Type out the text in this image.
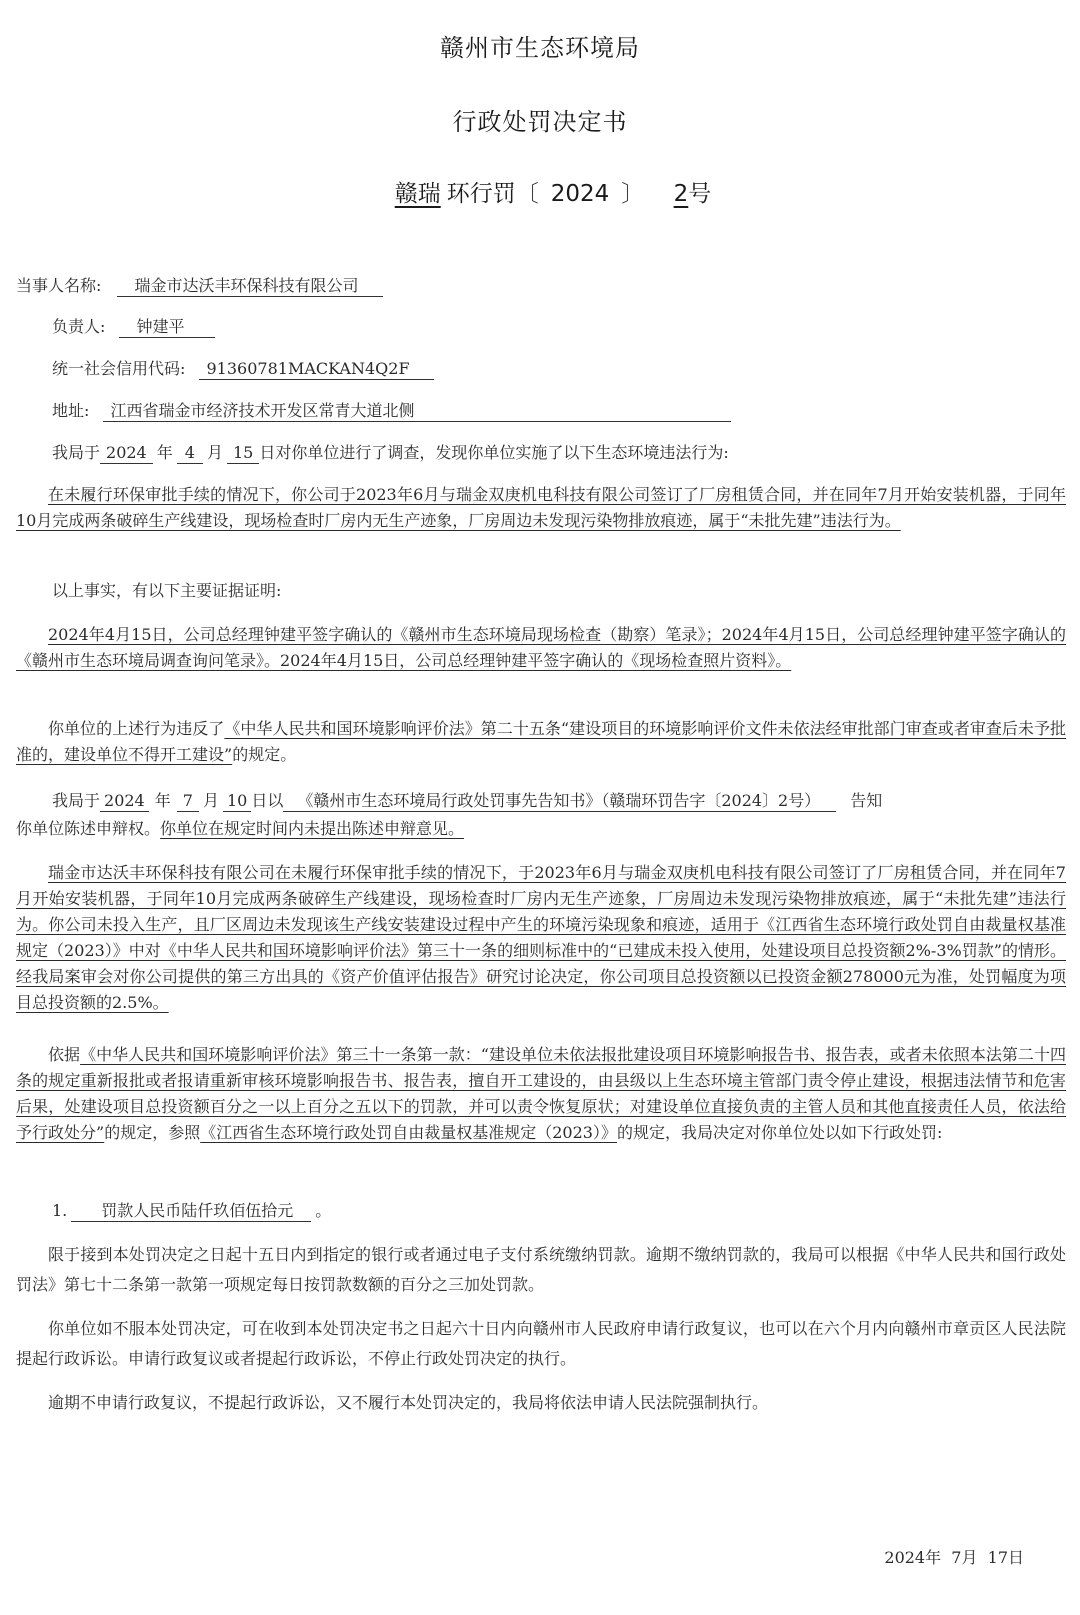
赣州市生态环境局
行政处罚决定书
赣瑞 环行罚〔 2024 〕 2号
当事人名称: 瑞金市达沃丰环保科技有限公司
负责人: 钟建平
统一社会信用代码: 91360781MACKAN4Q2F
地址: 江西省瑞金市经济技术开发区常青大道北侧
我局于 2024 年 4 月 15 日对你单位进行了调查，发现你单位实施了以下生态环境违法行为:
在未履行环保审批手续的情况下，你公司于2023年6月与瑞金双庚机电科技有限公司签订了厂房租赁合同，并在同年7月开始安装机器，于同年10月完成两条破碎生产线建设，现场检查时厂房内无生产迹象，厂房周边未发现污染物排放痕迹，属于“未批先建”违法行为。
以上事实，有以下主要证据证明:
2024年4月15日，公司总经理钟建平签字确认的《赣州市生态环境局现场检查（勘察）笔录》；2024年4月15日，公司总经理钟建平签字确认的《赣州市生态环境局调查询问笔录》。2024年4月15日，公司总经理钟建平签字确认的《现场检查照片资料》。
你单位的上述行为违反了《中华人民共和国环境影响评价法》第二十五条“建设项目的环境影响评价文件未依法经审批部门审查或者审查后未予批准的，建设单位不得开工建设”的规定。
我局于 2024 年 7 月 10 日以 《赣州市生态环境局行政处罚事先告知书》（赣瑞环罚告字〔2024〕2号） 告知
你单位陈述申辩权。你单位在规定时间内未提出陈述申辩意见。
瑞金市达沃丰环保科技有限公司在未履行环保审批手续的情况下，于2023年6月与瑞金双庚机电科技有限公司签订了厂房租赁合同，并在同年7月开始安装机器，于同年10月完成两条破碎生产线建设，现场检查时厂房内无生产迹象，厂房周边未发现污染物排放痕迹，属于“未批先建”违法行为。你公司未投入生产，且厂区周边未发现该生产线安装建设过程中产生的环境污染现象和痕迹，适用于《江西省生态环境行政处罚自由裁量权基准规定（2023）》中对《中华人民共和国环境影响评价法》第三十一条的细则标准中的“已建成未投入使用，处建设项目总投资额2%-3%罚款”的情形。经我局案审会对你公司提供的第三方出具的《资产价值评估报告》研究讨论决定，你公司项目总投资额以已投资金额278000元为准，处罚幅度为项目总投资额的2.5%。
依据《中华人民共和国环境影响评价法》第三十一条第一款：“建设单位未依法报批建设项目环境影响报告书、报告表，或者未依照本法第二十四条的规定重新报批或者报请重新审核环境影响报告书、报告表，擅自开工建设的，由县级以上生态环境主管部门责令停止建设，根据违法情节和危害后果，处建设项目总投资额百分之一以上百分之五以下的罚款，并可以责令恢复原状；对建设单位直接负责的主管人员和其他直接责任人员，依法给予行政处分”的规定，参照《江西省生态环境行政处罚自由裁量权基准规定（2023）》的规定，我局决定对你单位处以如下行政处罚:
1. 罚款人民币陆仟玖佰伍拾元 。
限于接到本处罚决定之日起十五日内到指定的银行或者通过电子支付系统缴纳罚款。逾期不缴纳罚款的，我局可以根据《中华人民共和国行政处罚法》第七十二条第一款第一项规定每日按罚款数额的百分之三加处罚款。
你单位如不服本处罚决定，可在收到本处罚决定书之日起六十日内向赣州市人民政府申请行政复议，也可以在六个月内向赣州市章贡区人民法院提起行政诉讼。申请行政复议或者提起行政诉讼，不停止行政处罚决定的执行。
逾期不申请行政复议，不提起行政诉讼，又不履行本处罚决定的，我局将依法申请人民法院强制执行。
2024年  7月  17日
